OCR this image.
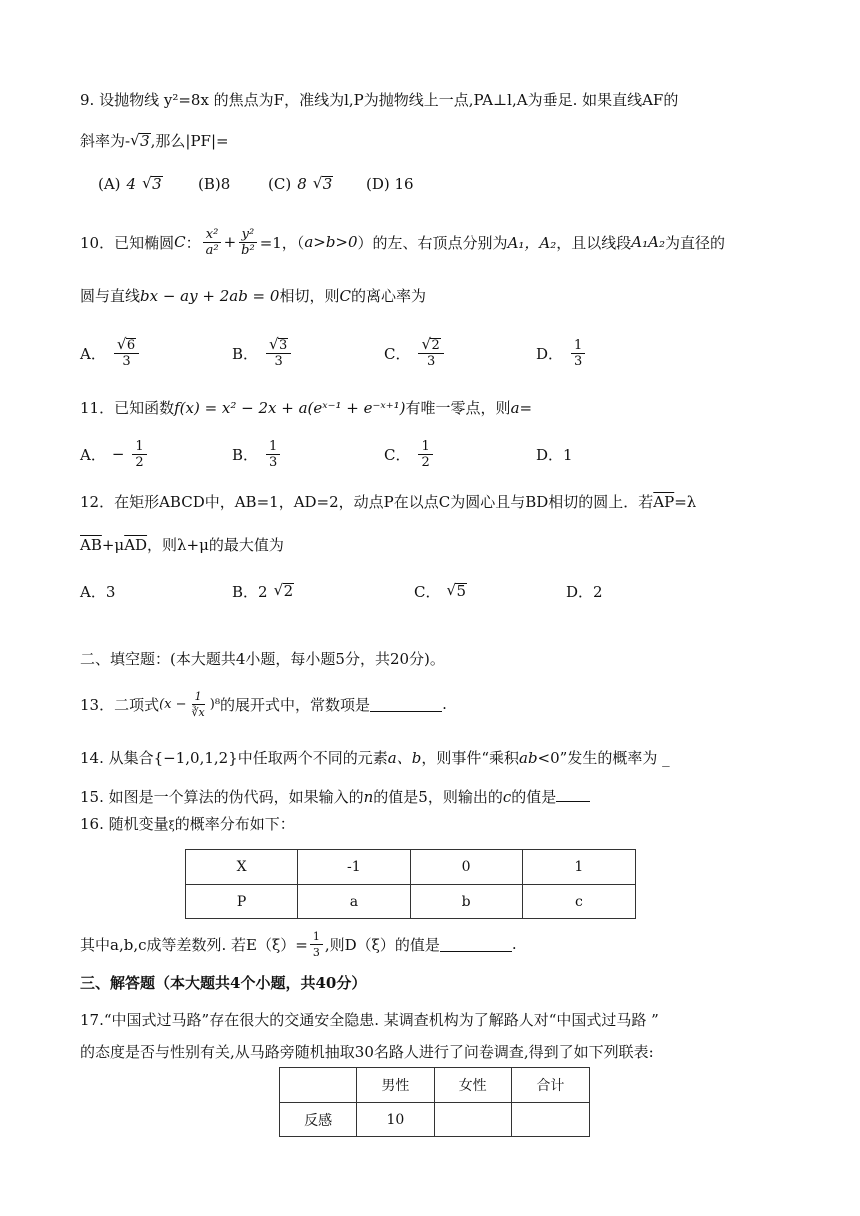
9. 设抛物线 y²=8x 的焦点为F，准线为l,P为抛物线上一点,PA⊥l,A为垂足. 如果直线AF的
斜率为- √ 3,那么|PF|=
(A) 4	√ 3 (B)8	(C) 8	√ 3 (D) 16
10．已知椭圆 C ： $\frac{\text{x²}}{\text{a²}} + \frac{\text{y²}}{\text{b²}} =1$，（ a>b>0 ）的左、右顶点分别为 A₁，A₂ ，且以线段 A₁A₂ 为直径的
圆与直线bx − ay + 2ab = 0相切，则C的离心率为
A． √ $\frac{6}{3}$	B． √ $\frac{3}{3}$	C． √ $\frac{2}{3}$	D． $\frac{1}{3}$
11．已知函数f(x) = x² − 2x + a(eˣ⁻¹ + e⁻ˣ⁺¹)有唯一零点，则a=
A． − $\frac{1}{2}$	B． $\frac{1}{3}$	C． $\frac{1}{2}$	D．1
12．在矩形ABCD中，AB=1，AD=2，动点P在以点C为圆心且与BD相切的圆上．若$\overline{AP}=\lambda$
$\overline{AB}+\mu\overline{AD}$，则λ+μ的最大值为
A．3	B．2	√ 2	C．	√ 5	D．2
二、填空题：(本大题共4小题，每小题5分，共20分)。
13．二项式 $(x - \frac{1}{∛x} )^8$ 的展开式中，常数项是	.
14. 从集合{−1,0,1,2}中任取两个不同的元素a、b，则事件“乘积ab<0”发生的概率为 _
15. 如图是一个算法的伪代码，如果输入的n的值是5，则输出的c的值是
16. 随机变量ξ的概率分布如下：
X	-1	0	1
P	a	b	c
其中a,b,c成等差数列. 若$E(\xi)= \frac{1}{3}$ ,则D（ξ）的值是	.
三、解答题（本大题共4个小题，共40分）
17.“中国式过马路”存在很大的交通安全隐患. 某调查机构为了解路人对“中国式过马路 ”
的态度是否与性别有关,从马路旁随机抽取30名路人进行了问卷调查,得到了如下列联表:
	男性	女性	合计
反感	10		
